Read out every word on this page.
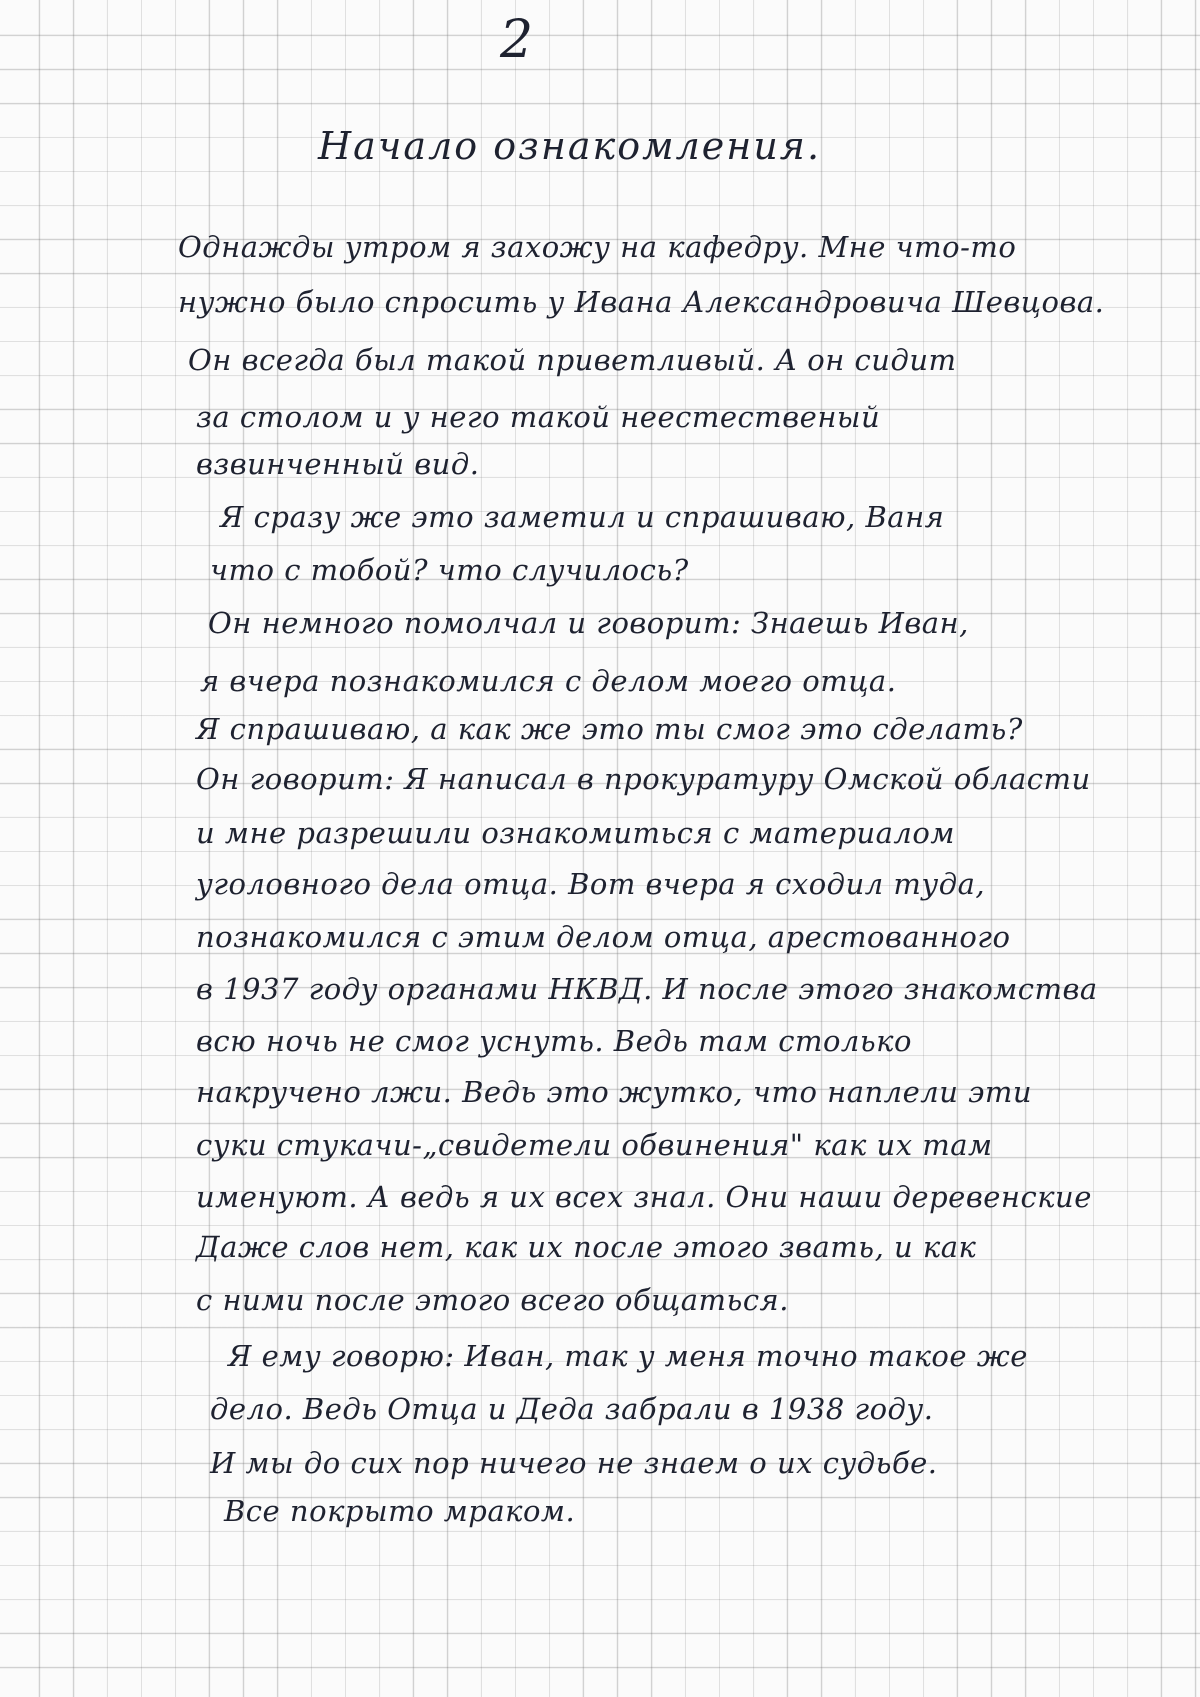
2
Начало ознакомления.
Однажды утром я захожу на кафедру. Мне что-то
нужно было спросить у Ивана Александровича Шевцова.
Он всегда был такой приветливый. А он сидит
за столом и у него такой неестественый
взвинченный вид.
Я сразу же это заметил и спрашиваю, Ваня
что с тобой? что случилось?
Он немного помолчал и говорит: Знаешь Иван,
я вчера познакомился с делом моего отца.
Я спрашиваю, а как же это ты смог это сделать?
Он говорит: Я написал в прокуратуру Омской области
и мне разрешили ознакомиться с материалом
уголовного дела отца. Вот вчера я сходил туда,
познакомился с этим делом отца, арестованного
в 1937 году органами НКВД. И после этого знакомства
всю ночь не смог уснуть. Ведь там столько
накручено лжи. Ведь это жутко, что наплели эти
суки стукачи-„свидетели обвинения" как их там
именуют. А ведь я их всех знал. Они наши деревенские
Даже слов нет, как их после этого звать, и как
с ними после этого всего общаться.
Я ему говорю: Иван, так у меня точно такое же
дело. Ведь Отца и Деда забрали в 1938 году.
И мы до сих пор ничего не знаем о их судьбе.
Все покрыто мраком.
